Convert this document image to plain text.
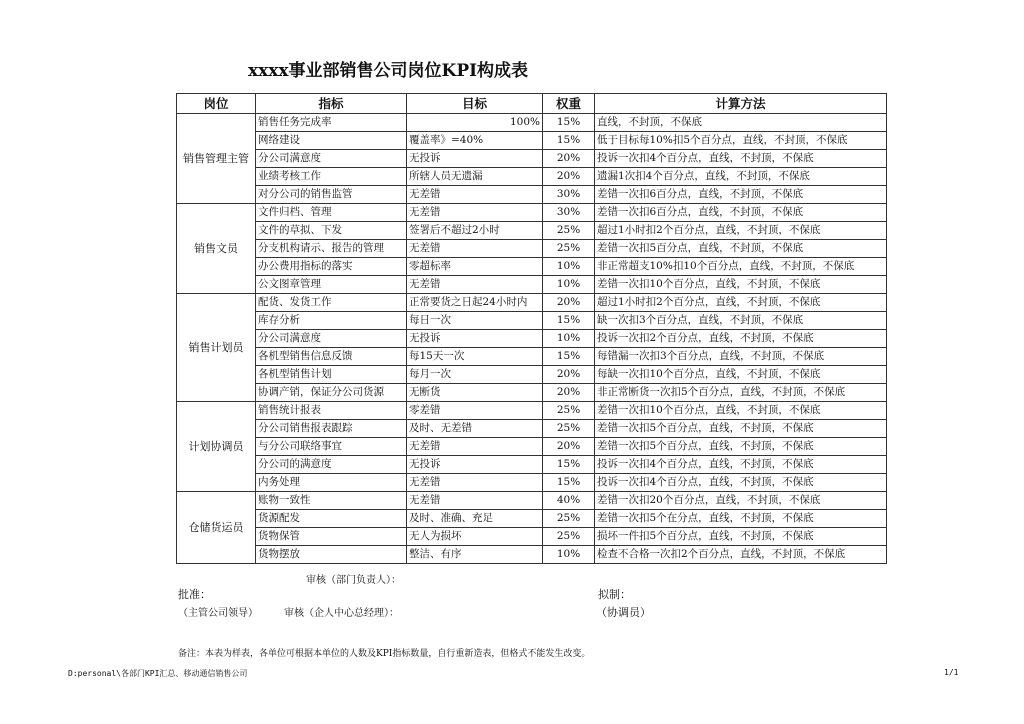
xxxx事业部销售公司岗位KPI构成表
岗位	指标	目标	权重	计算方法
销售管理主管	销售任务完成率	100%	15%	直线，不封顶，不保底
	网络建设	覆盖率》=40%	15%	低于目标每10%扣5个百分点，直线，不封顶，不保底
	分公司满意度	无投诉	20%	投诉一次扣4个百分点，直线，不封顶，不保底
	业绩考核工作	所辖人员无遗漏	20%	遗漏1次扣4个百分点，直线，不封顶，不保底
	对分公司的销售监管	无差错	30%	差错一次扣6百分点，直线，不封顶，不保底
销售文员	文件归档、管理	无差错	30%	差错一次扣6百分点，直线，不封顶，不保底
	文件的草拟、下发	签署后不超过2小时	25%	超过1小时扣2个百分点，直线，不封顶，不保底
	分支机构请示、报告的管理	无差错	25%	差错一次扣5百分点，直线，不封顶，不保底
	办公费用指标的落实	零超标率	10%	非正常超支10%扣10个百分点，直线，不封顶，不保底
	公文图章管理	无差错	10%	差错一次扣10个百分点，直线，不封顶，不保底
销售计划员	配货、发货工作	正常要货之日起24小时内	20%	超过1小时扣2个百分点，直线，不封顶，不保底
	库存分析	每日一次	15%	缺一次扣3个百分点，直线，不封顶，不保底
	分公司满意度	无投诉	10%	投诉一次扣2个百分点，直线，不封顶，不保底
	各机型销售信息反馈	每15天一次	15%	每错漏一次扣3个百分点，直线，不封顶，不保底
	各机型销售计划	每月一次	20%	每缺一次扣10个百分点，直线，不封顶，不保底
	协调产销，保证分公司货源	无断货	20%	非正常断货一次扣5个百分点，直线，不封顶，不保底
计划协调员	销售统计报表	零差错	25%	差错一次扣10个百分点，直线，不封顶，不保底
	分公司销售报表跟踪	及时、无差错	25%	差错一次扣5个百分点，直线，不封顶，不保底
	与分公司联络事宜	无差错	20%	差错一次扣5个百分点，直线，不封顶，不保底
	分公司的满意度	无投诉	15%	投诉一次扣4个百分点，直线，不封顶，不保底
	内务处理	无差错	15%	投诉一次扣4个百分点，直线，不封顶，不保底
仓储货运员	账物一致性	无差错	40%	差错一次扣20个百分点，直线，不封顶，不保底
	货源配发	及时、准确、充足	25%	差错一次扣5个在分点，直线，不封顶，不保底
	货物保管	无人为损坏	25%	损坏一件扣5个百分点，直线，不封顶，不保底
	货物摆放	整洁、有序	10%	检查不合格一次扣2个百分点，直线，不封顶，不保底
审核（部门负责人）：
批准：	拟制：
（主管公司领导）	审核（企人中心总经理）：	（协调员）
备注：本表为样表，各单位可根据本单位的人数及KPI指标数量，自行重新造表，但格式不能发生改变。
D:personal\各部门KPI汇总、移动通信销售公司	1/1
